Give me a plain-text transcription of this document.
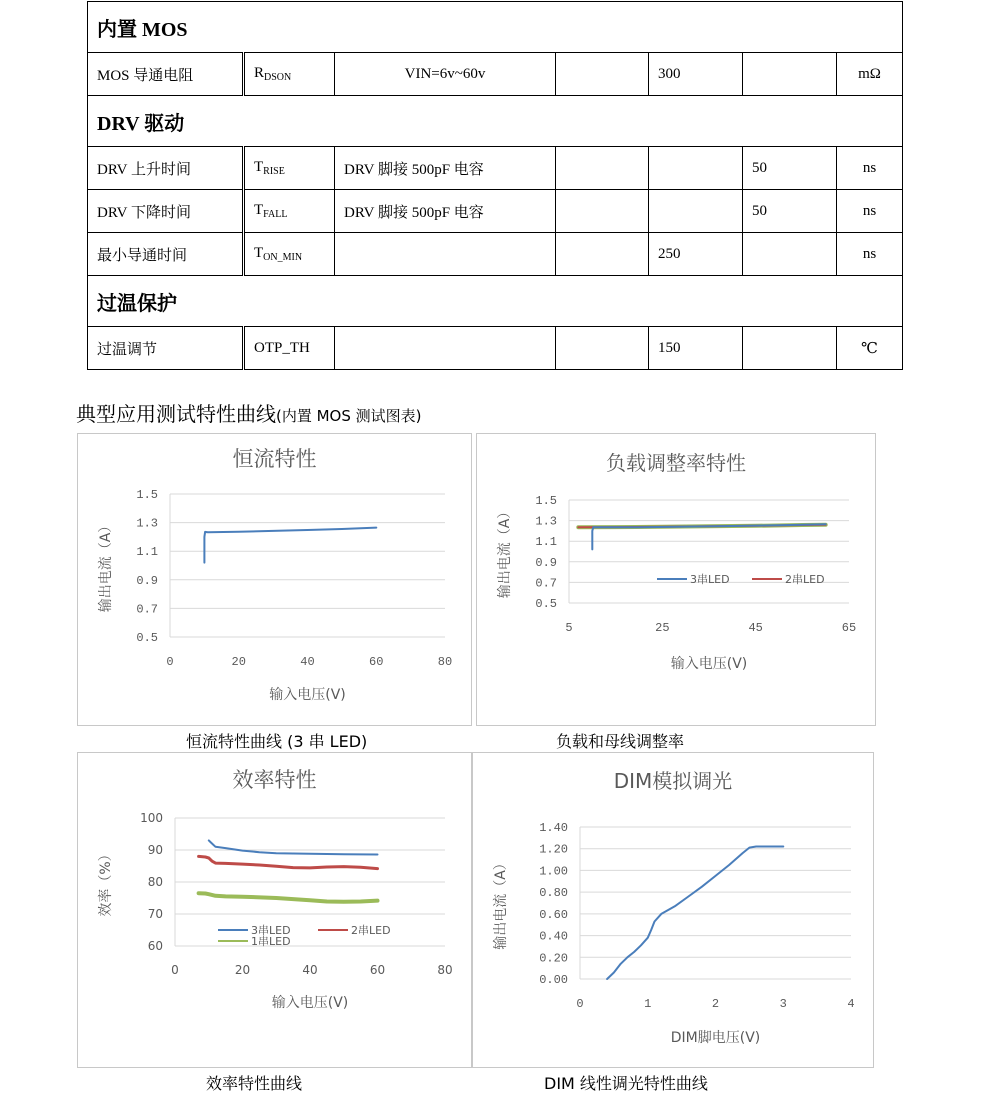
内置 MOS						
MOS 导通电阻	$R_{DSON}$	VIN=6v~60v		300		mΩ
DRV 驱动						
DRV 上升时间	$T_{RISE}$	DRV 脚接 500pF 电容			50	ns
DRV 下降时间	$T_{FALL}$	DRV 脚接 500pF 电容			50	ns
最小导通时间	$T_{ON\_MIN}$			250		ns
过温保护						
过温调节	OTP_TH			150		℃
典型应用测试特性曲线(内置 MOS 测试图表)
恒流特性
0.5
0.7
0.9
1.1
1.3
1.5
0	20	40	60	80
输入电压(V)
输出电流（A）
负载调整率特性
0.5
0.7
0.9
1.1
1.3
1.5
5	25	45	65
输入电压(V)
输出电流（A）	3串LED	2串LED
效率特性
60
70
80
90
100
0	20	40	60	80
输入电压(V)
效率（%）
3串LED	2串LED
1串LED
DIM模拟调光
0.00
0.20
0.40
0.60
0.80
1.00
1.20
1.40
0	1	2	3	4
DIM脚电压(V)
输出电流（A）
恒流特性曲线 (3 串 LED)	负载和母线调整率
效率特性曲线	DIM 线性调光特性曲线
